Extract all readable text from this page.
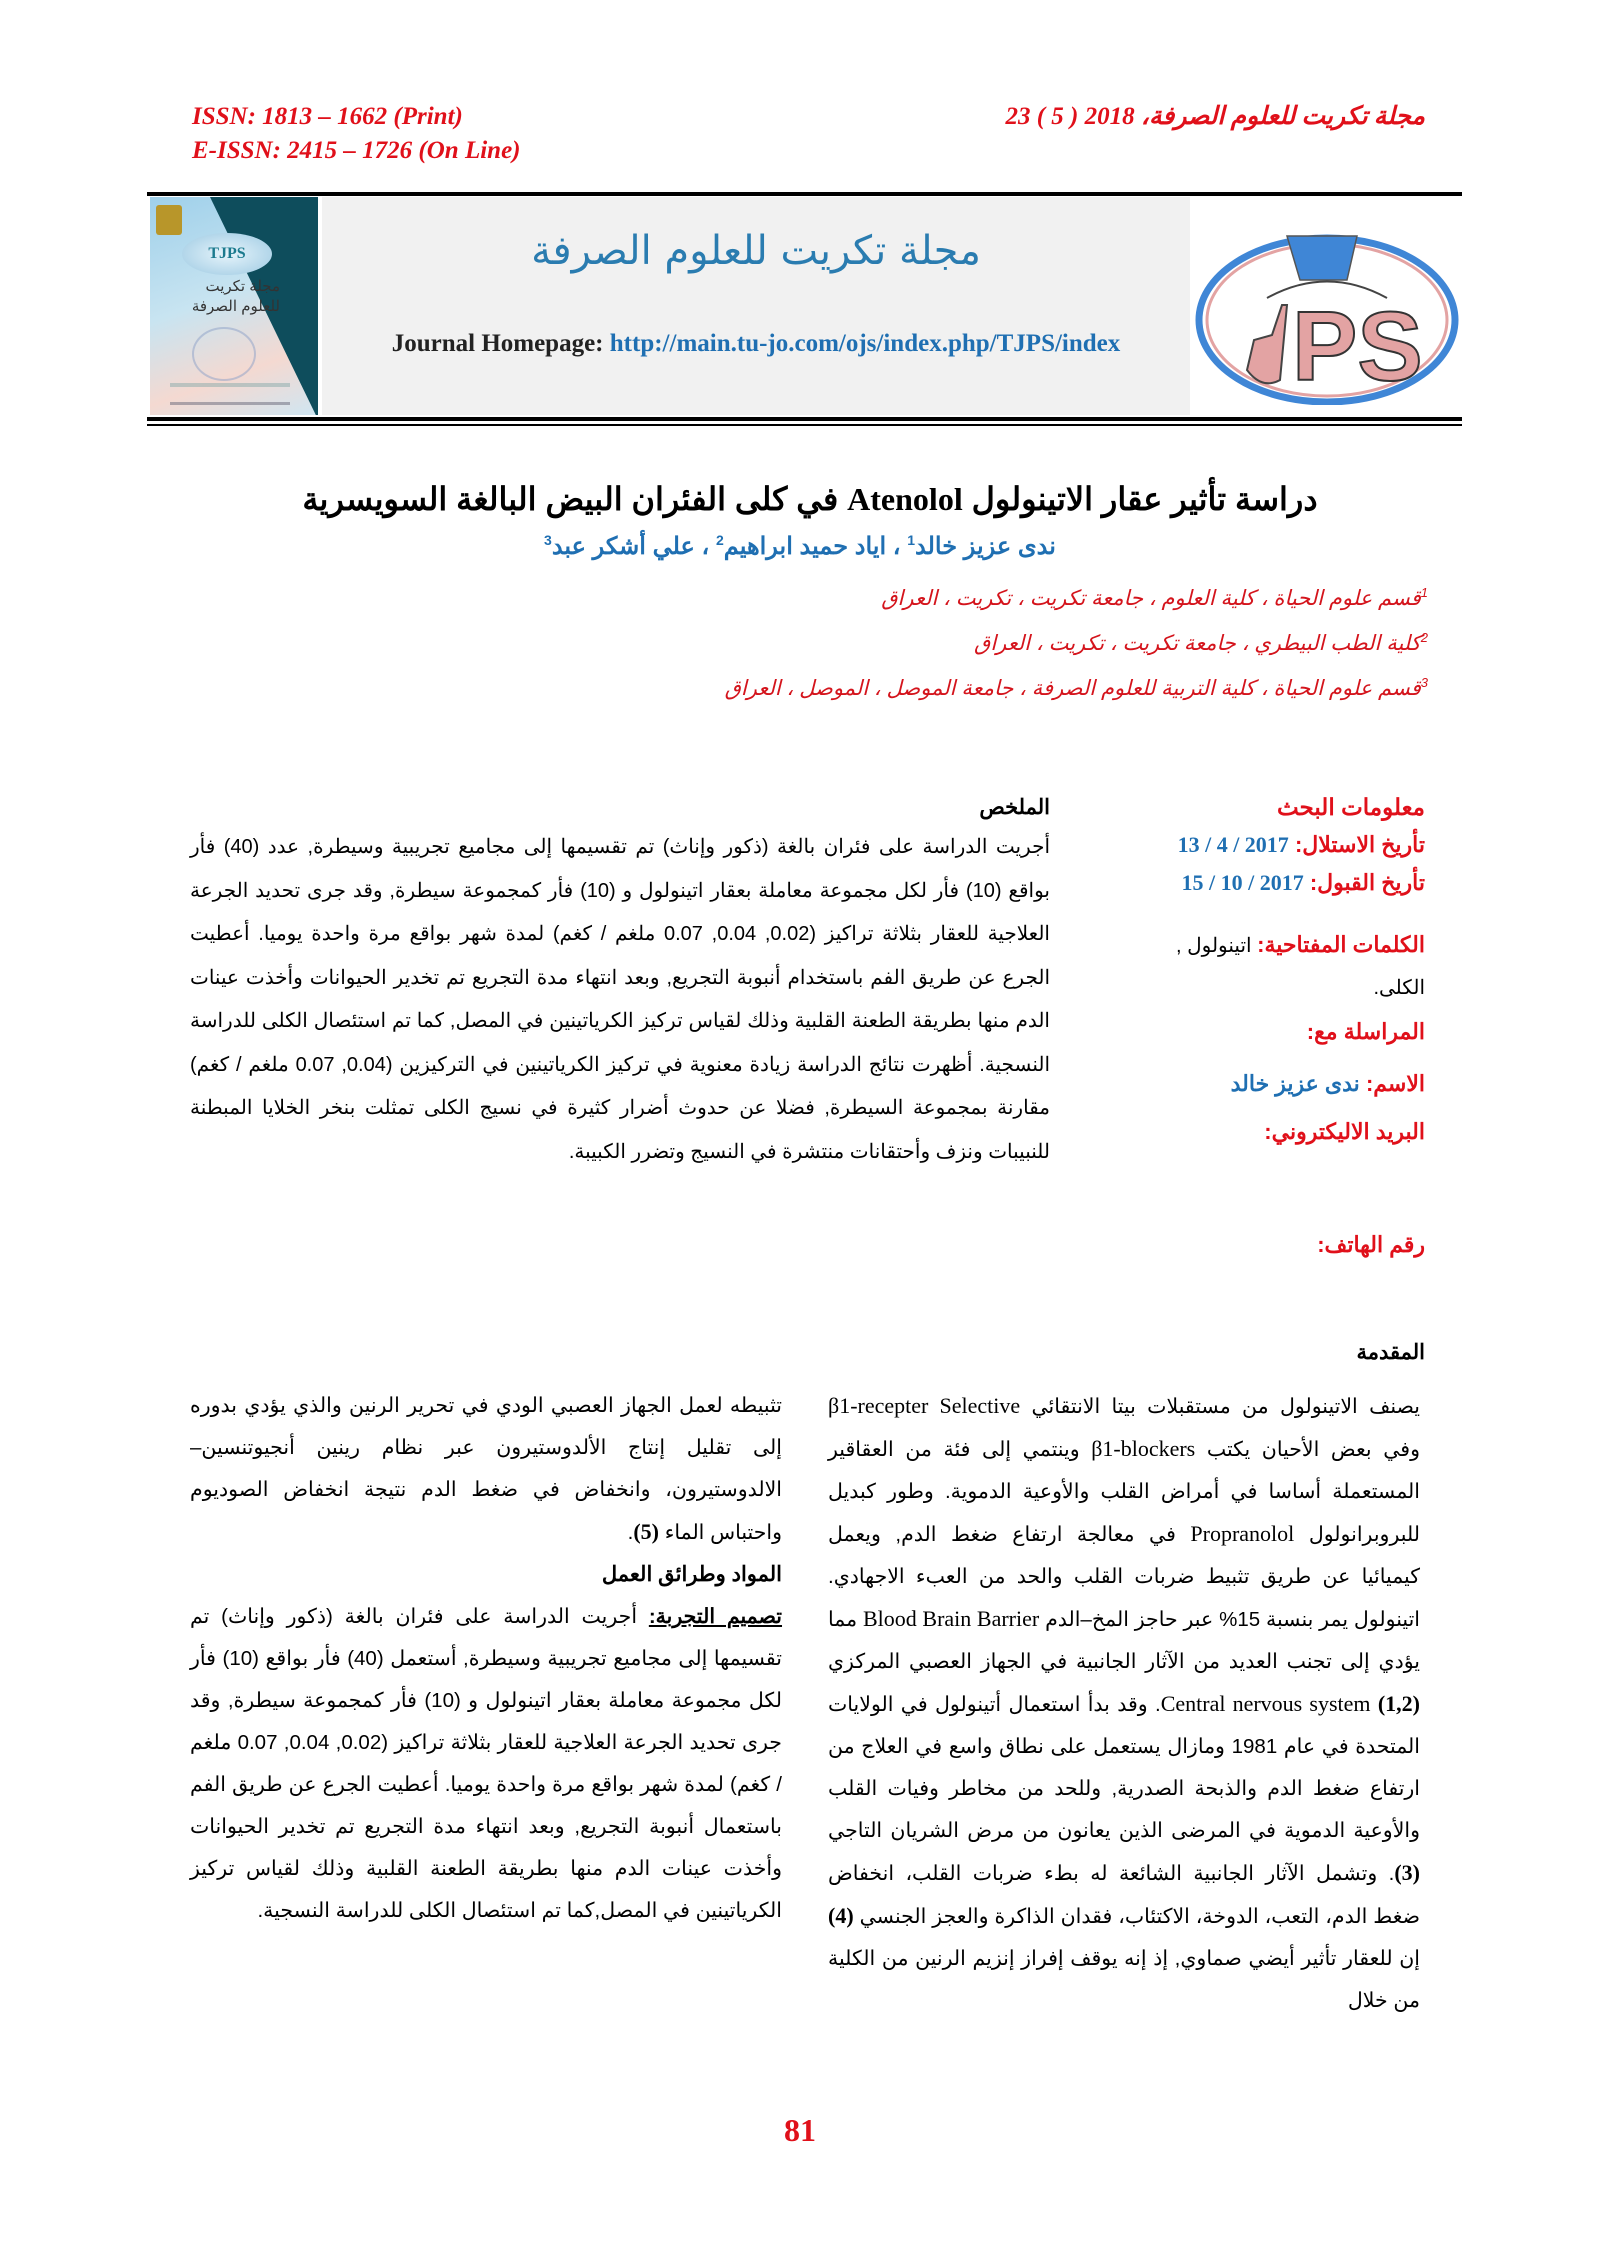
ISSN: 1813 – 1662 (Print)
E-ISSN: 2415 – 1726 (On Line)
مجلة تكريت للعلوم الصرفة، 23 ( 5 ) 2018
TJPS
مجلة تكريت للعلوم الصرفة
مجلة تكريت للعلوم الصرفة
Journal Homepage: http://main.tu-jo.com/ojs/index.php/TJPS/index	PS
دراسة تأثير عقار الاتينولول Atenolol في كلى الفئران البيض البالغة السويسرية
ندى عزيز خالد$^1$ ، اياد حميد ابراهيم$^2$ ، علي أشكر عبد$^3$
$^1$قسم علوم الحياة ، كلية العلوم ، جامعة تكريت ، تكريت ، العراق
$^2$كلية الطب البيطري ، جامعة تكريت ، تكريت ، العراق
$^3$قسم علوم الحياة ، كلية التربية للعلوم الصرفة ، جامعة الموصل ، الموصل ، العراق
معلومات البحث
تأريخ الاستلال: 13 / 4 / 2017
تأريخ القبول: 15 / 10 / 2017
الكلمات المفتاحية: اتينولول ,
الكلى.
المراسلة مع:
الاسم: ندى عزيز خالد
البريد الاليكتروني:
رقم الهاتف:
الملخص
أجريت الدراسة على فئران بالغة (ذكور وإناث) تم تقسيمها إلى مجاميع تجريبية وسيطرة, عدد (40) فأر بواقع (10) فأر لكل مجموعة معاملة بعقار اتينولول و (10) فأر كمجموعة سيطرة, وقد جرى تحديد الجرعة العلاجية للعقار بثلاثة تراكيز (0.02, 0.04, 0.07 ملغم / كغم) لمدة شهر بواقع مرة واحدة يوميا. أعطيت الجرع عن طريق الفم باستخدام أنبوبة التجريع, وبعد انتهاء مدة التجريع تم تخدير الحيوانات وأخذت عينات الدم منها بطريقة الطعنة القلبية وذلك لقياس تركيز الكرياتينين في المصل, كما تم استئصال الكلى للدراسة النسجية. أظهرت نتائج الدراسة زيادة معنوية في تركيز الكرياتينين في التركيزين (0.04, 0.07 ملغم / كغم) مقارنة بمجموعة السيطرة, فضلا عن حدوث أضرار كثيرة في نسيج الكلى تمثلت بنخر الخلايا المبطنة للنبيبات ونزف وأحتقانات منتشرة في النسيج وتضرر الكبيبة.
المقدمة
يصنف الاتينولول من مستقبلات بيتا الانتقائي β1-recepter Selective وفي بعض الأحيان يكتب β1-blockers وينتمي إلى فئة من العقاقير المستعملة أساسا في أمراض القلب والأوعية الدموية. وطور كبديل للبروبرانولول Propranolol في معالجة ارتفاع ضغط الدم, ويعمل كيميائيا عن طريق تثبيط ضربات القلب والحد من العبء الاجهادي. اتينولول يمر بنسبة 15% عبر حاجز المخ–الدم Blood Brain Barrier مما يؤدي إلى تجنب العديد من الآثار الجانبية في الجهاز العصبي المركزي Central nervous system (1,2). وقد بدأ استعمال أتينولول في الولايات المتحدة في عام 1981 ومازال يستعمل على نطاق واسع في العلاج من ارتفاع ضغط الدم والذبحة الصدرية, وللحد من مخاطر وفيات القلب والأوعية الدموية في المرضى الذين يعانون من مرض الشريان التاجي (3). وتشمل الآثار الجانبية الشائعة له بطء ضربات القلب، انخفاض ضغط الدم، التعب، الدوخة، الاكتئاب، فقدان الذاكرة والعجز الجنسي (4) إن للعقار تأثير أيضي صماوي, إذ إنه يوقف إفراز إنزيم الرنين من الكلية من خلال
تثبيطه لعمل الجهاز العصبي الودي في تحرير الرنين والذي يؤدي بدوره إلى تقليل إنتاج الألدوستيرون عبر نظام رينين أنجيوتنسين–الالدوستيرون، وانخفاض في ضغط الدم نتيجة انخفاض الصوديوم واحتباس الماء (5).
المواد وطرائق العمل
تصميم التجربة: أجريت الدراسة على فئران بالغة (ذكور وإناث) تم تقسيمها إلى مجاميع تجريبية وسيطرة, أستعمل (40) فأر بواقع (10) فأر لكل مجموعة معاملة بعقار اتينولول و (10) فأر كمجموعة سيطرة, وقد جرى تحديد الجرعة العلاجية للعقار بثلاثة تراكيز (0.02, 0.04, 0.07 ملغم / كغم) لمدة شهر بواقع مرة واحدة يوميا. أعطيت الجرع عن طريق الفم باستعمال أنبوبة التجريع, وبعد انتهاء مدة التجريع تم تخدير الحيوانات وأخذت عينات الدم منها بطريقة الطعنة القلبية وذلك لقياس تركيز الكرياتينين في المصل,كما تم استئصال الكلى للدراسة النسجية.
81
